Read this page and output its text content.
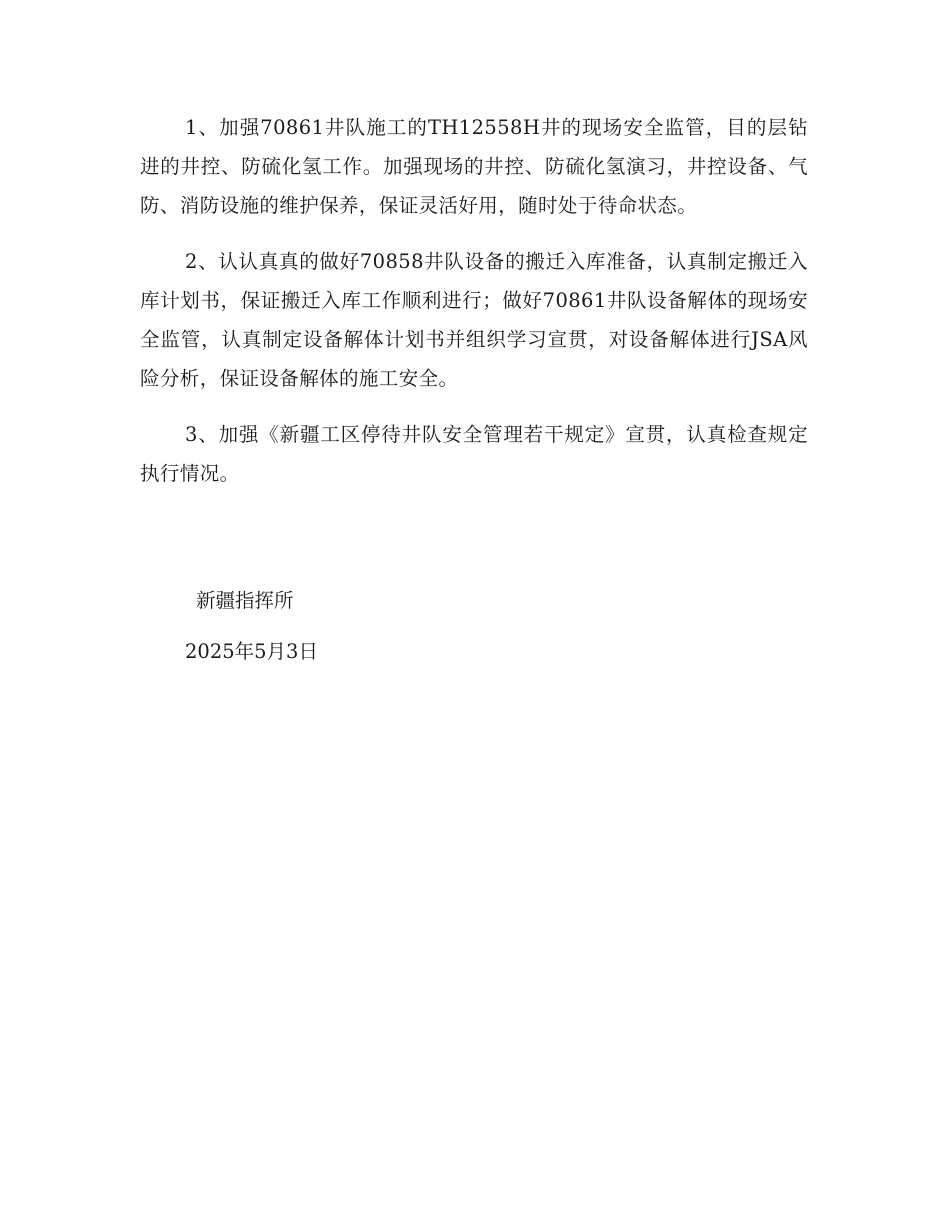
1、加强70861井队施工的TH12558H井的现场安全监管，目的层钻进的井控、防硫化氢工作。加强现场的井控、防硫化氢演习，井控设备、气防、消防设施的维护保养，保证灵活好用，随时处于待命状态。

2、认认真真的做好70858井队设备的搬迁入库准备，认真制定搬迁入库计划书，保证搬迁入库工作顺利进行；做好70861井队设备解体的现场安全监管，认真制定设备解体计划书并组织学习宣贯，对设备解体进行JSA风险分析，保证设备解体的施工安全。

3、加强《新疆工区停待井队安全管理若干规定》宣贯，认真检查规定执行情况。

新疆指挥所
2025年5月3日
